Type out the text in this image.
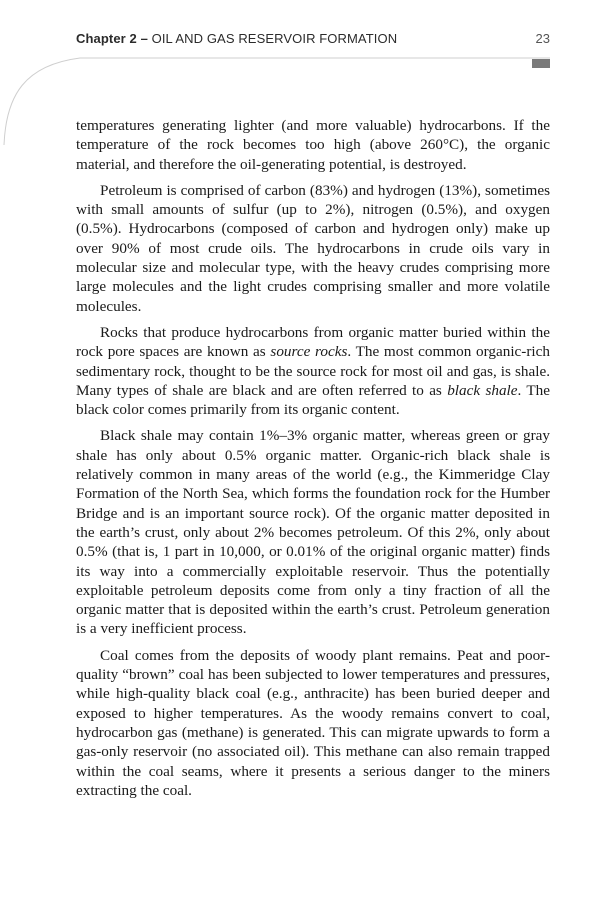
Chapter 2 – OIL AND GAS RESERVOIR FORMATION	23

temperatures generating lighter (and more valuable) hydrocarbons. If the temperature of the rock becomes too high (above 260°C), the organic material, and therefore the oil-generating potential, is destroyed.

Petroleum is comprised of carbon (83%) and hydrogen (13%), sometimes with small amounts of sulfur (up to 2%), nitrogen (0.5%), and oxygen (0.5%). Hydrocarbons (composed of carbon and hydrogen only) make up over 90% of most crude oils. The hydrocarbons in crude oils vary in molecular size and molecular type, with the heavy crudes comprising more large molecules and the light crudes comprising smaller and more volatile molecules.

Rocks that produce hydrocarbons from organic matter buried within the rock pore spaces are known as source rocks. The most common organic-rich sedimentary rock, thought to be the source rock for most oil and gas, is shale. Many types of shale are black and are often referred to as black shale. The black color comes primarily from its organic content.

Black shale may contain 1%–3% organic matter, whereas green or gray shale has only about 0.5% organic matter. Organic-rich black shale is relatively common in many areas of the world (e.g., the Kimmeridge Clay Formation of the North Sea, which forms the foundation rock for the Humber Bridge and is an important source rock). Of the organic matter deposited in the earth’s crust, only about 2% becomes petroleum. Of this 2%, only about 0.5% (that is, 1 part in 10,000, or 0.01% of the original organic matter) finds its way into a commercially exploitable reservoir. Thus the potentially exploitable petroleum deposits come from only a tiny fraction of all the organic matter that is deposited within the earth’s crust. Petroleum generation is a very inefficient process.

Coal comes from the deposits of woody plant remains. Peat and poor-quality “brown” coal has been subjected to lower temperatures and pressures, while high-quality black coal (e.g., anthracite) has been buried deeper and exposed to higher temperatures. As the woody remains convert to coal, hydrocarbon gas (methane) is generated. This can migrate upwards to form a gas-only reservoir (no associated oil). This methane can also remain trapped within the coal seams, where it presents a serious danger to the miners extracting the coal.
